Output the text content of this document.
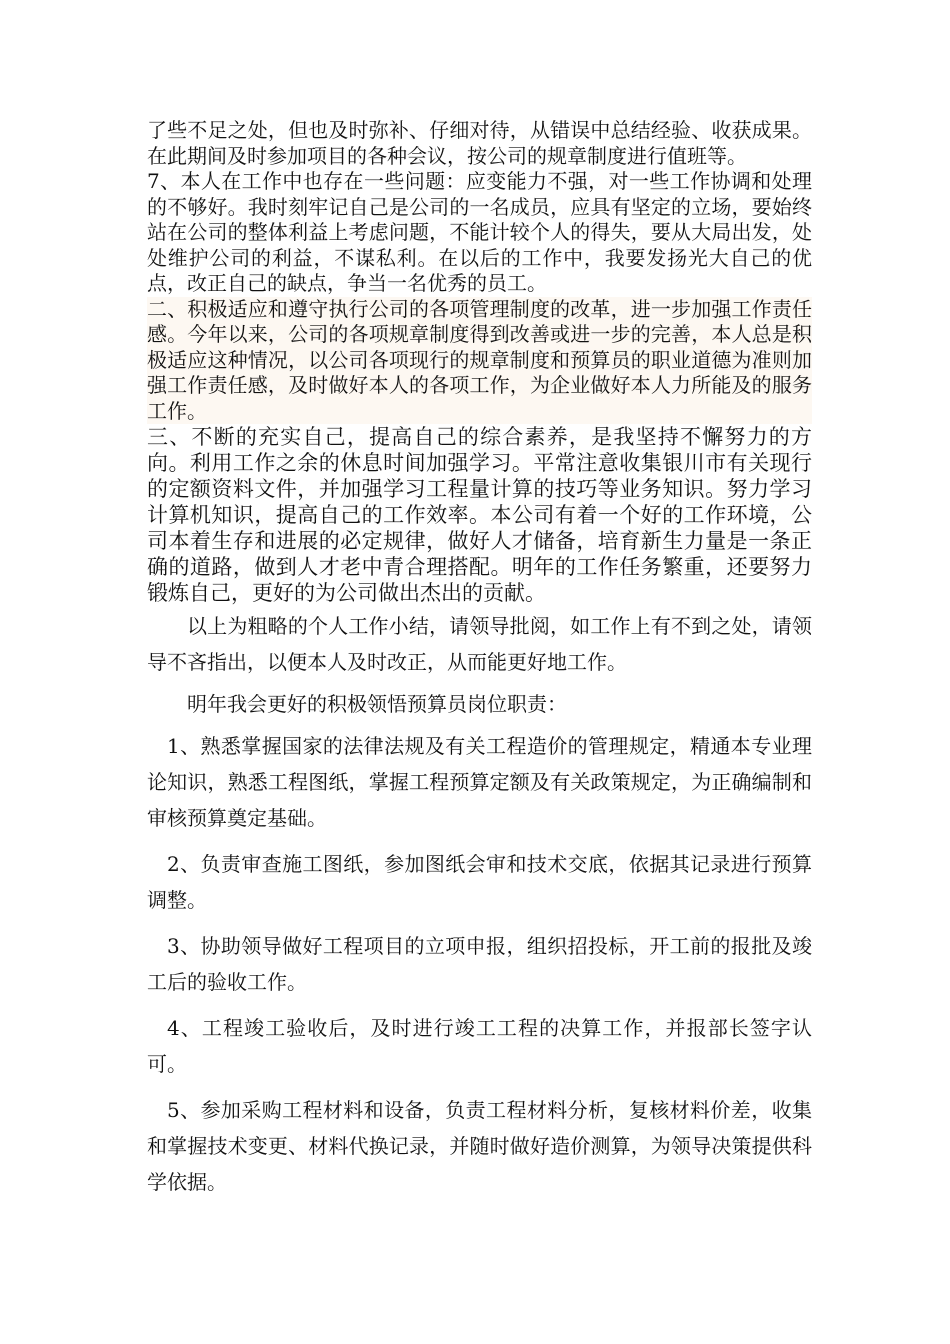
了些不足之处，但也及时弥补、仔细对待，从错误中总结经验、收获成果。在此期间及时参加项目的各种会议，按公司的规章制度进行值班等。

7、本人在工作中也存在一些问题：应变能力不强，对一些工作协调和处理的不够好。我时刻牢记自己是公司的一名成员，应具有坚定的立场，要始终站在公司的整体利益上考虑问题，不能计较个人的得失，要从大局出发，处处维护公司的利益，不谋私利。在以后的工作中，我要发扬光大自己的优点，改正自己的缺点，争当一名优秀的员工。

二、积极适应和遵守执行公司的各项管理制度的改革，进一步加强工作责任感。今年以来，公司的各项规章制度得到改善或进一步的完善，本人总是积极适应这种情况，以公司各项现行的规章制度和预算员的职业道德为准则加强工作责任感，及时做好本人的各项工作，为企业做好本人力所能及的服务工作。

三、不断的充实自己，提高自己的综合素养，是我坚持不懈努力的方向。利用工作之余的休息时间加强学习。平常注意收集银川市有关现行的定额资料文件，并加强学习工程量计算的技巧等业务知识。努力学习计算机知识，提高自己的工作效率。本公司有着一个好的工作环境，公司本着生存和进展的必定规律，做好人才储备，培育新生力量是一条正确的道路，做到人才老中青合理搭配。明年的工作任务繁重，还要努力锻炼自己，更好的为公司做出杰出的贡献。

以上为粗略的个人工作小结，请领导批阅，如工作上有不到之处，请领导不吝指出，以便本人及时改正，从而能更好地工作。

明年我会更好的积极领悟预算员岗位职责：

1、熟悉掌握国家的法律法规及有关工程造价的管理规定，精通本专业理论知识，熟悉工程图纸，掌握工程预算定额及有关政策规定，为正确编制和审核预算奠定基础。

2、负责审查施工图纸，参加图纸会审和技术交底，依据其记录进行预算调整。

3、协助领导做好工程项目的立项申报，组织招投标，开工前的报批及竣工后的验收工作。

4、工程竣工验收后，及时进行竣工工程的决算工作，并报部长签字认可。

5、参加采购工程材料和设备，负责工程材料分析，复核材料价差，收集和掌握技术变更、材料代换记录，并随时做好造价测算，为领导决策提供科学依据。
